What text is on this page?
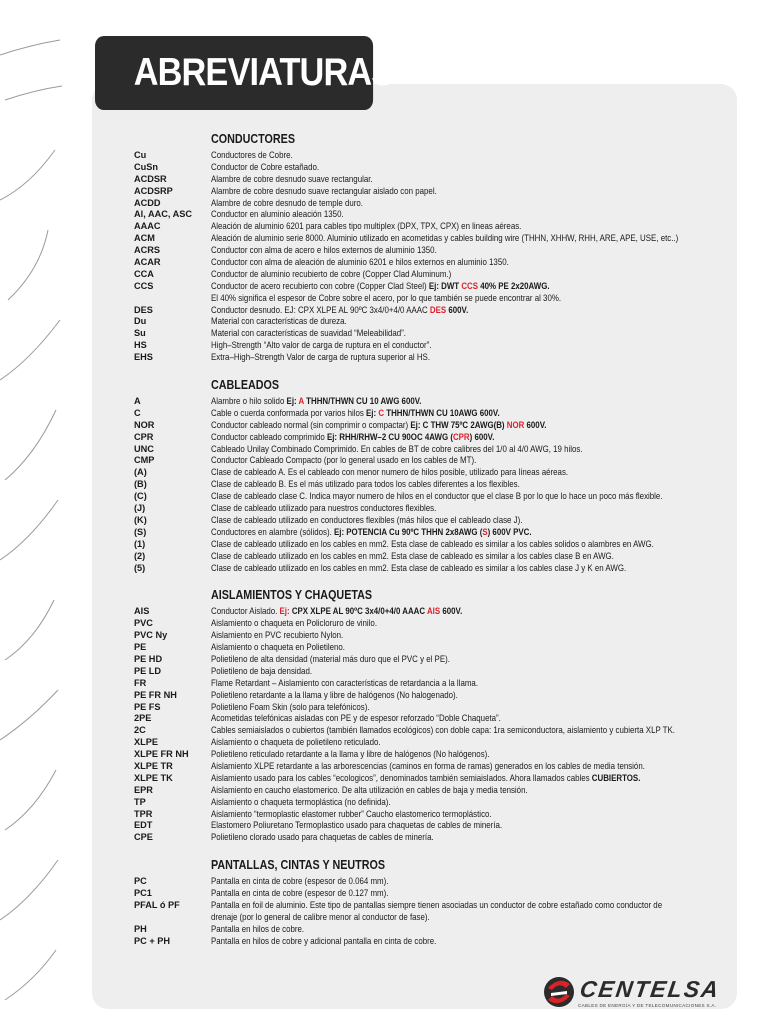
ABREVIATURAS
CONDUCTORES
Cu	Conductores de Cobre.
CuSn	Conductor de Cobre estañado.
ACDSR	Alambre de cobre desnudo suave rectangular.
ACDSRP	Alambre de cobre desnudo suave rectangular aislado con papel.
ACDD	Alambre de cobre desnudo de temple duro.
Al, AAC, ASC	Conductor en aluminio aleación 1350.
AAAC	Aleación de aluminio 6201 para cables tipo multiplex (DPX, TPX, CPX) en lineas aéreas.
ACM	Aleación de aluminio serie 8000. Aluminio utilizado en acometidas y cables building wire (THHN, XHHW, RHH, ARE, APE, USE, etc..)
ACRS	Conductor con alma de acero e hilos externos de aluminio 1350.
ACAR	Conductor con alma de aleación de aluminio 6201 e hilos externos en aluminio 1350.
CCA	Conductor de aluminio recubierto de cobre (Copper Clad Aluminum.)
CCS	Conductor de acero recubierto con cobre (Copper Clad Steel) Ej: DWT CCS 40% PE 2x20AWG.
El 40% significa el espesor de Cobre sobre el acero, por lo que también se puede encontrar al 30%.
DES	Conductor desnudo. EJ: CPX XLPE AL 90ºC 3x4/0+4/0 AAAC DES 600V.
Du	Material con características de dureza.
Su	Material con características de suavidad “Meleabilidad”.
HS	High–Strength “Alto valor de carga de ruptura en el conductor”.
EHS	Extra–High–Strength Valor de carga de ruptura superior al HS.
CABLEADOS
A	Alambre o hilo solido Ej: A THHN/THWN CU 10 AWG 600V.
C	Cable o cuerda conformada por varios hilos Ej: C THHN/THWN CU 10AWG 600V.
NOR	Conductor cableado normal (sin comprimir o compactar) Ej: C THW 75ºC 2AWG(B) NOR 600V.
CPR	Conductor cableado comprimido Ej: RHH/RHW–2 CU 90OC 4AWG (CPR) 600V.
UNC	Cableado Unilay Combinado Comprimido. En cables de BT de cobre calibres del 1/0 al 4/0 AWG, 19 hilos.
CMP	Conductor Cableado Compacto (por lo general usado en los cables de MT).
(A)	Clase de cableado A. Es el cableado con menor numero de hilos posible, utilizado para líneas aéreas.
(B)	Clase de cableado B. Es el más utilizado para todos los cables diferentes a los flexibles.
(C)	Clase de cableado clase C. Indica mayor numero de hilos en el conductor que el clase B por lo que lo hace un poco más flexible.
(J)	Clase de cableado utilizado para nuestros conductores flexibles.
(K)	Clase de cableado utilizado en conductores flexibles (más hilos que el cableado clase J).
(S)	Conductores en alambre (sólidos). Ej: POTENCIA Cu 90ºC THHN 2x8AWG (S) 600V PVC.
(1)	Clase de cableado utilizado en los cables en mm2. Esta clase de cableado es similar a los cables solidos o alambres en AWG.
(2)	Clase de cableado utilizado en los cables en mm2. Esta clase de cableado es similar a los cables clase B en AWG.
(5)	Clase de cableado utilizado en los cables en mm2. Esta clase de cableado es similar a los cables clase J y K en AWG.
AISLAMIENTOS Y CHAQUETAS
AIS	Conductor Aislado. Ej: CPX XLPE AL 90ºC 3x4/0+4/0 AAAC AIS 600V.
PVC	Aislamiento o chaqueta en Policloruro de vinilo.
PVC Ny	Aislamiento en PVC recubierto Nylon.
PE	Aislamiento o chaqueta en Polietileno.
PE HD	Polietileno de alta densidad (material más duro que el PVC y el PE).
PE LD	Polietileno de baja densidad.
FR	Flame Retardant – Aislamiento con características de retardancia a la llama.
PE FR NH	Polietileno retardante a la llama y libre de halógenos (No halogenado).
PE FS	Polietileno Foam Skin (solo para telefónicos).
2PE	Acometidas telefónicas aisladas con PE y de espesor reforzado “Doble Chaqueta”.
2C	Cables semiaislados o cubiertos (también llamados ecológicos) con doble capa: 1ra semiconductora, aislamiento y cubierta XLP TK.
XLPE	Aislamiento o chaqueta de polietileno reticulado.
XLPE FR NH	Polietileno reticulado retardante a la llama y libre de halógenos (No halógenos).
XLPE TR	Aislamiento XLPE retardante a las arborescencias (caminos en forma de ramas) generados en los cables de media tensión.
XLPE TK	Aislamiento usado para los cables “ecologicos”, denominados también semiaislados. Ahora llamados cables CUBIERTOS.
EPR	Aislamiento en caucho elastomerico. De alta utilización en cables de baja y media tensión.
TP	Aislamiento o chaqueta termoplástica (no definida).
TPR	Aislamiento “termoplastic elastomer rubber” Caucho elastomerico termoplástico.
EDT	Elastomero Poliuretano Termoplastico usado para chaquetas de cables de minería.
CPE	Polietileno clorado usado para chaquetas de cables de minería.
PANTALLAS, CINTAS Y NEUTROS
PC	Pantalla en cinta de cobre (espesor de 0.064 mm).
PC1	Pantalla en cinta de cobre (espesor de 0.127 mm).
PFAL ó PF	Pantalla en foil de aluminio. Este tipo de pantallas siempre tienen asociadas un conductor de cobre estañado como conductor de
drenaje (por lo general de calibre menor al conductor de fase).
PH	Pantalla en hilos de cobre.
PC + PH	Pantalla en hilos de cobre y adicional pantalla en cinta de cobre.
CENTELSA
CABLES DE ENERGÍA Y DE TELECOMUNICACIONES S.A.
